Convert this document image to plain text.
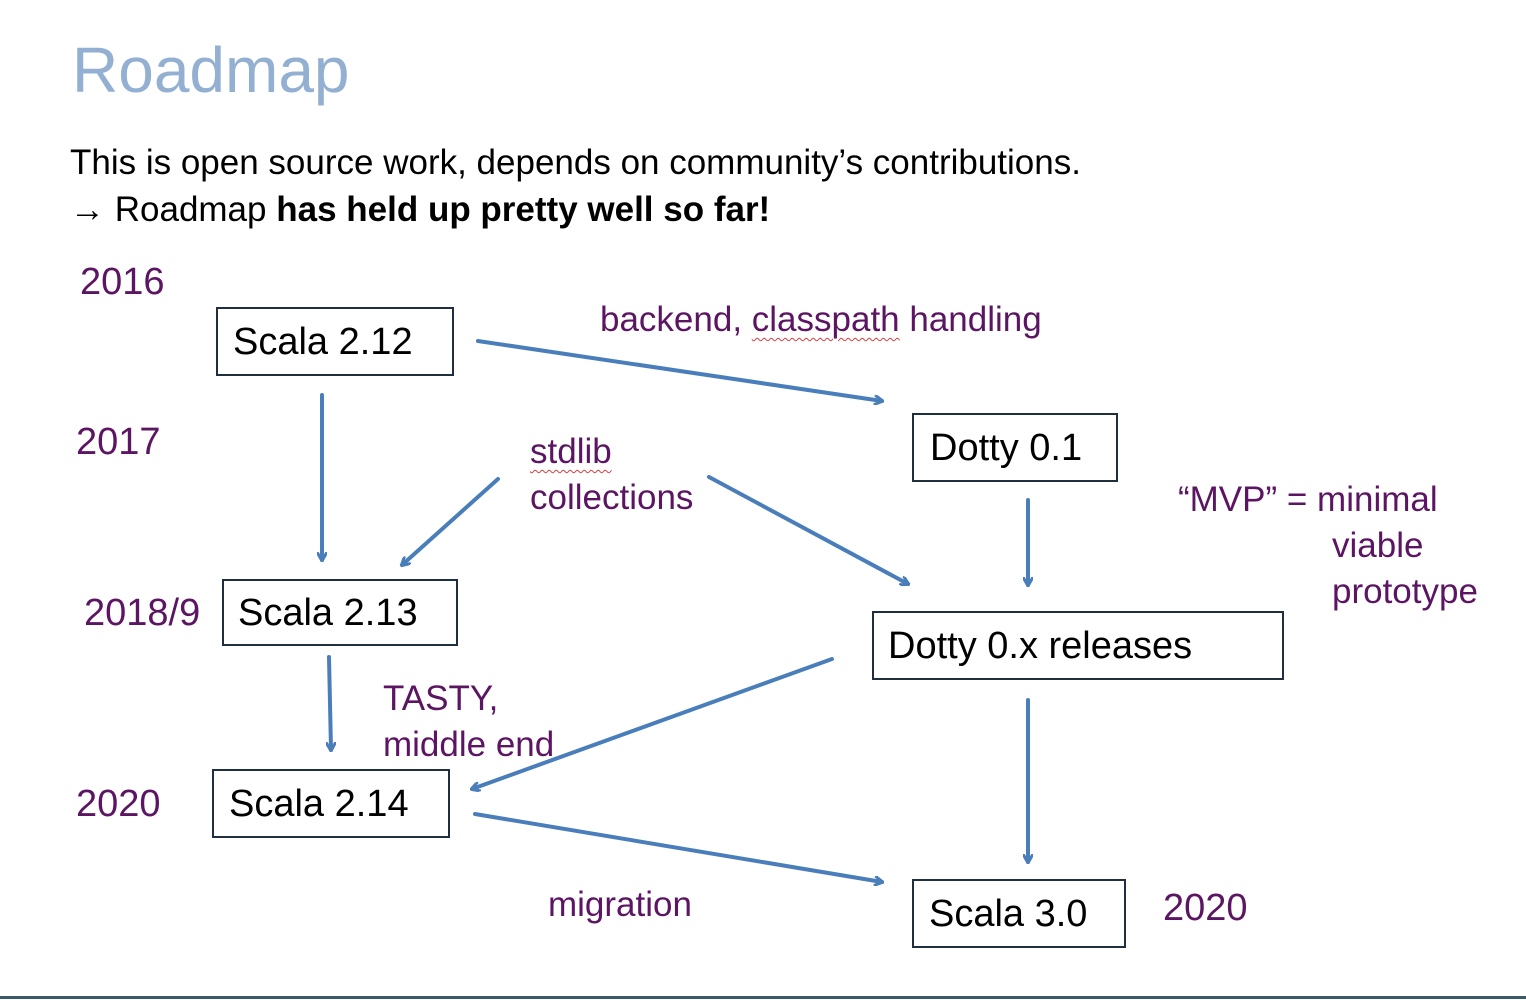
Roadmap
This is open source work, depends on community’s contributions.
→ Roadmap has held up pretty well so far!
2016
2017
2018/9
2020
2020
Scala 2.12
Dotty 0.1
Scala 2.13
Dotty 0.x releases
Scala 2.14
Scala 3.0
backend, classpath handling
stdlib
collections
TASTY,
middle end
migration
“MVP” = minimal
viable
prototype
